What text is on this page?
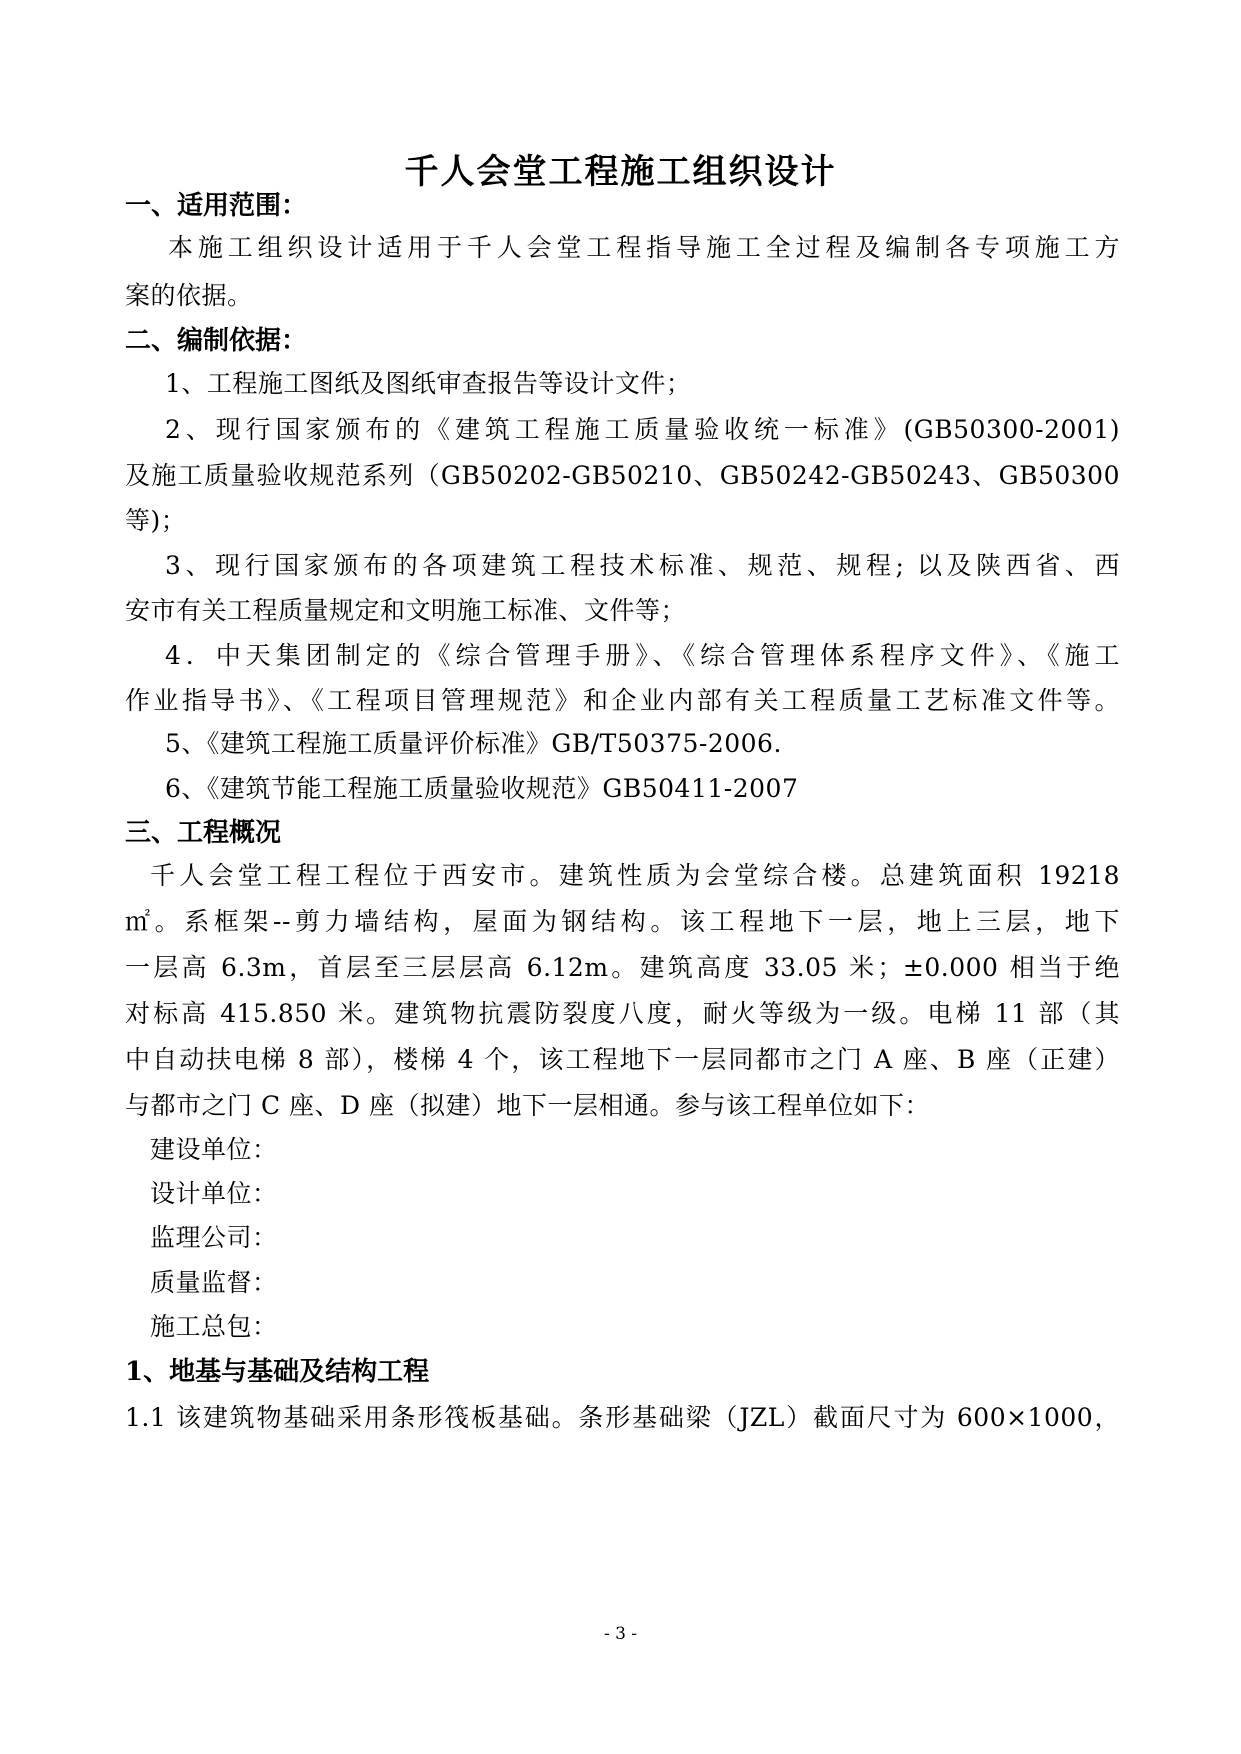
千人会堂工程施工组织设计
一、适用范围：
本施工组织设计适用于千人会堂工程指导施工全过程及编制各专项施工方
案的依据。
二、编制依据：
1、工程施工图纸及图纸审查报告等设计文件；
2、现行国家颁布的《建筑工程施工质量验收统一标准》(GB50300-2001)
及施工质量验收规范系列（GB50202-GB50210、GB50242-GB50243、GB50300
等)；
3、现行国家颁布的各项建筑工程技术标准、规范、规程; 以及陕西省、西
安市有关工程质量规定和文明施工标准、文件等；
4．中天集团制定的《综合管理手册》、《综合管理体系程序文件》、《施工
作业指导书》、《工程项目管理规范》和企业内部有关工程质量工艺标准文件等。
5、《建筑工程施工质量评价标准》GB/T50375-2006.
6、《建筑节能工程施工质量验收规范》GB50411-2007
三、工程概况
千人会堂工程工程位于西安市。建筑性质为会堂综合楼。总建筑面积 19218
㎡。系框架--剪力墙结构，屋面为钢结构。该工程地下一层，地上三层，地下
一层高 6.3m，首层至三层层高 6.12m。建筑高度 33.05 米；±0.000 相当于绝
对标高 415.850 米。建筑物抗震防裂度八度，耐火等级为一级。电梯 11 部（其
中自动扶电梯 8 部），楼梯 4 个，该工程地下一层同都市之门 A 座、B 座（正建）
与都市之门 C 座、D 座（拟建）地下一层相通。参与该工程单位如下：
建设单位：
设计单位：
监理公司：
质量监督：
施工总包：
1、地基与基础及结构工程
1.1 该建筑物基础采用条形筏板基础。条形基础梁（JZL）截面尺寸为 600×1000，
- 3 -
